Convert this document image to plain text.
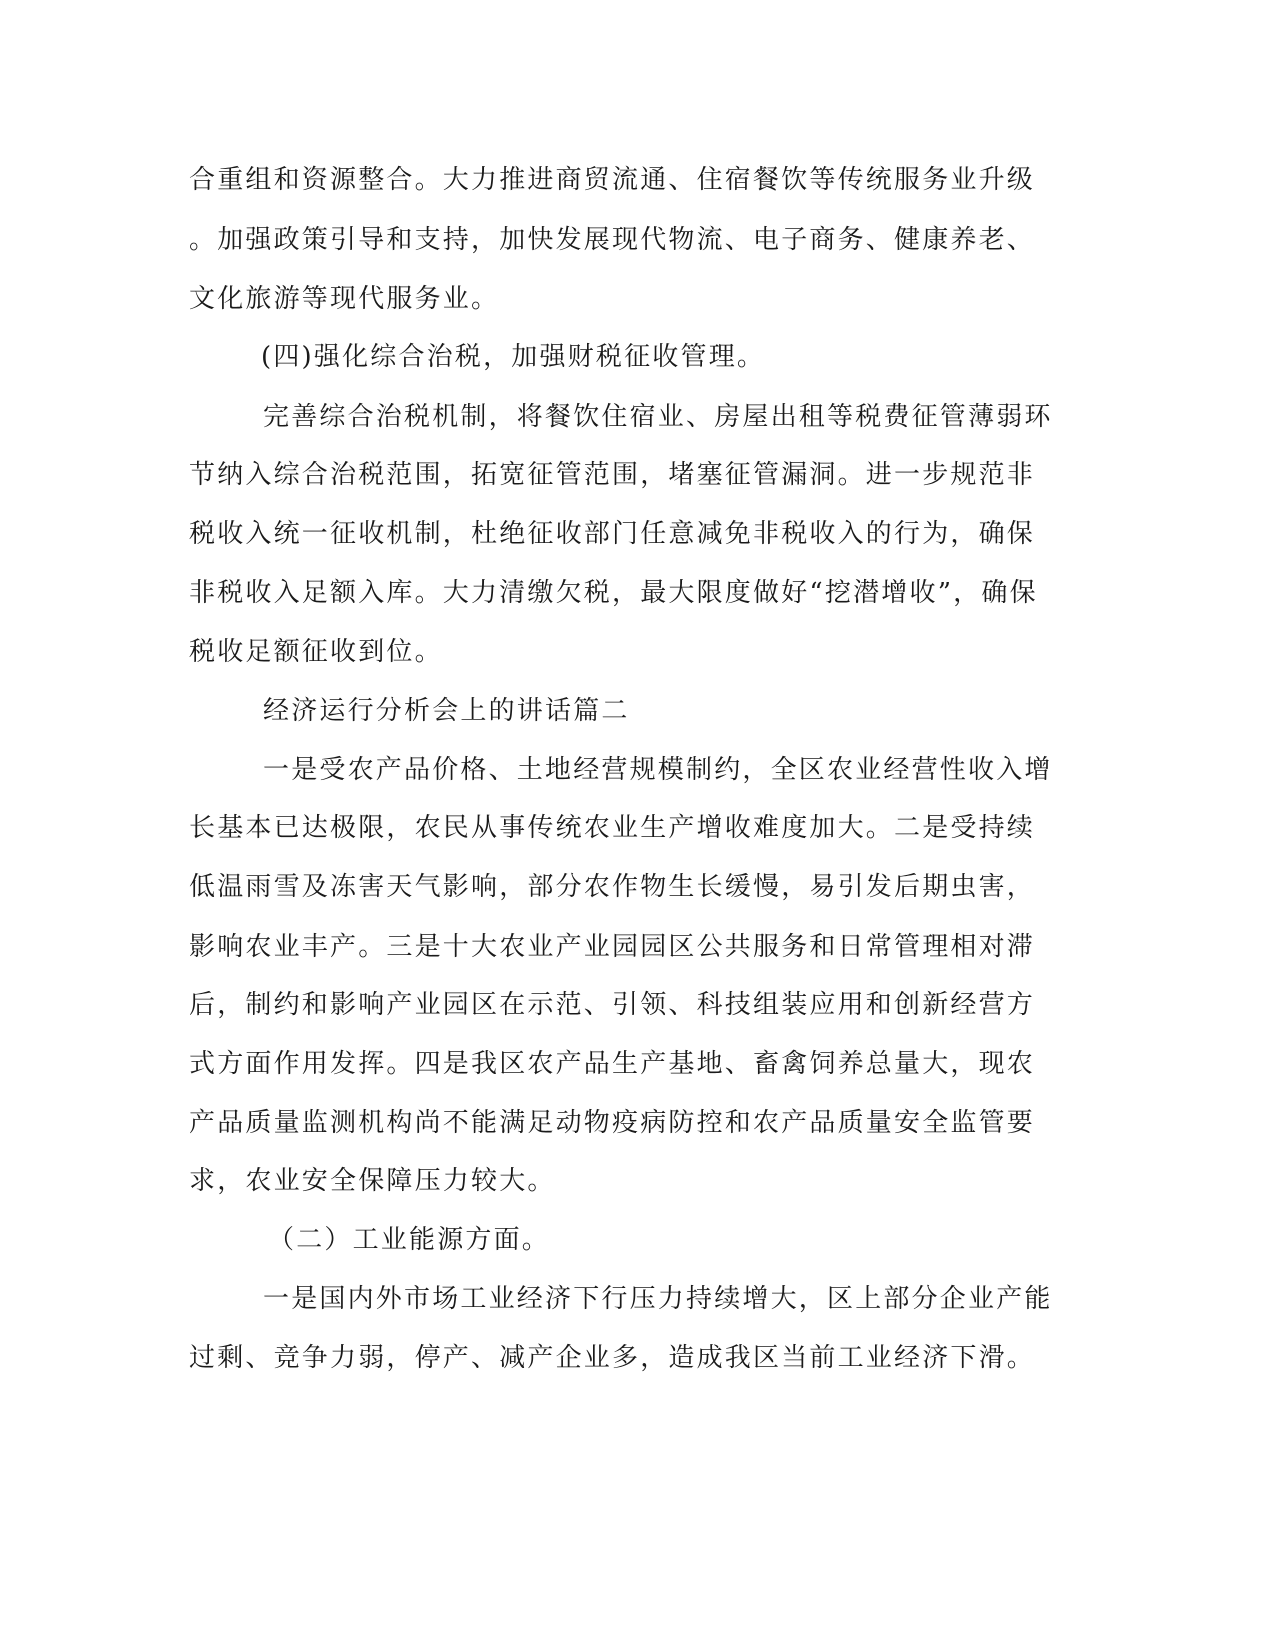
合重组和资源整合。大力推进商贸流通、住宿餐饮等传统服务业升级

。加强政策引导和支持，加快发展现代物流、电子商务、健康养老、

文化旅游等现代服务业。

(四)强化综合治税，加强财税征收管理。

完善综合治税机制，将餐饮住宿业、房屋出租等税费征管薄弱环

节纳入综合治税范围，拓宽征管范围，堵塞征管漏洞。进一步规范非

税收入统一征收机制，杜绝征收部门任意减免非税收入的行为，确保

非税收入足额入库。大力清缴欠税，最大限度做好“挖潜增收”，确保

税收足额征收到位。

经济运行分析会上的讲话篇二

一是受农产品价格、土地经营规模制约，全区农业经营性收入增

长基本已达极限，农民从事传统农业生产增收难度加大。二是受持续

低温雨雪及冻害天气影响，部分农作物生长缓慢，易引发后期虫害，

影响农业丰产。三是十大农业产业园园区公共服务和日常管理相对滞

后，制约和影响产业园区在示范、引领、科技组装应用和创新经营方

式方面作用发挥。四是我区农产品生产基地、畜禽饲养总量大，现农

产品质量监测机构尚不能满足动物疫病防控和农产品质量安全监管要

求，农业安全保障压力较大。

（二）工业能源方面。

一是国内外市场工业经济下行压力持续增大，区上部分企业产能

过剩、竞争力弱，停产、减产企业多，造成我区当前工业经济下滑。
